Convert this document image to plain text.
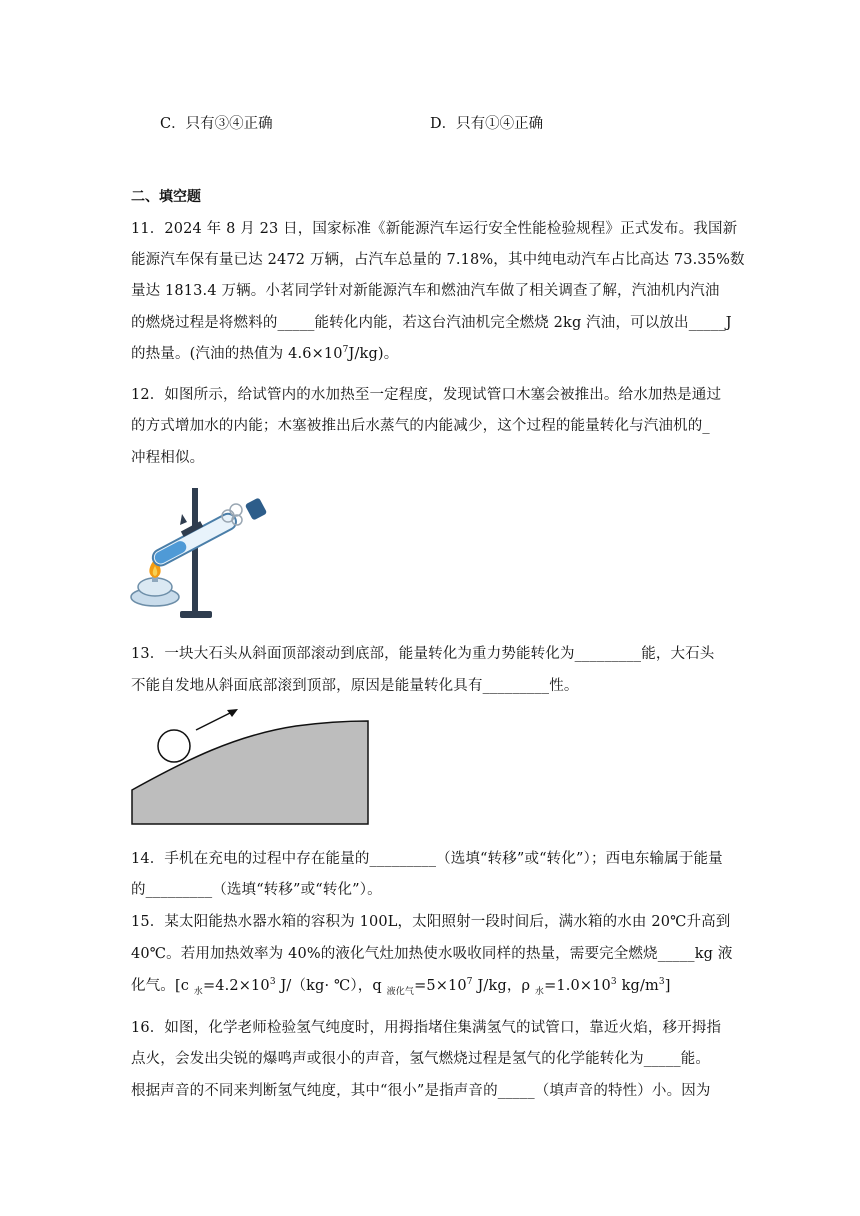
C．只有③④正确	D．只有①④正确
二、填空题
11．2024 年 8 月 23 日，国家标准《新能源汽车运行安全性能检验规程》正式发布。我国新
能源汽车保有量已达 2472 万辆，占汽车总量的 7.18%，其中纯电动汽车占比高达 73.35%数
量达 1813.4 万辆。小茗同学针对新能源汽车和燃油汽车做了相关调查了解，汽油机内汽油
的燃烧过程是将燃料的_____能转化内能，若这台汽油机完全燃烧 2kg 汽油，可以放出_____J
的热量。(汽油的热值为 $4.6\times 10^7J/kg$)。
12．如图所示，给试管内的水加热至一定程度，发现试管口木塞会被推出。给水加热是通过
的方式增加水的内能；木塞被推出后水蒸气的内能减少，这个过程的能量转化与汽油机的_
冲程相似。
13．一块大石头从斜面顶部滚动到底部，能量转化为重力势能转化为_________能，大石头
不能自发地从斜面底部滚到顶部，原因是能量转化具有_________性。
14．手机在充电的过程中存在能量的_________（选填“转移”或“转化”）；西电东输属于能量
的_________（选填“转移”或“转化”）。
15．某太阳能热水器水箱的容积为 100L，太阳照射一段时间后，满水箱的水由 20℃升高到
40℃。若用加热效率为 40%的液化气灶加热使水吸收同样的热量，需要完全燃烧_____kg 液
化气。[c $_水=4.2\times 10^3$ J/（kg· ℃），q $_{液化气}=5\times 10^7$ J/kg，ρ $_水=1.0\times 10^3$ $kg/m^3$]
16．如图，化学老师检验氢气纯度时，用拇指堵住集满氢气的试管口，靠近火焰，移开拇指
点火，会发出尖锐的爆鸣声或很小的声音，氢气燃烧过程是氢气的化学能转化为_____能。
根据声音的不同来判断氢气纯度，其中“很小”是指声音的_____（填声音的特性）小。因为
